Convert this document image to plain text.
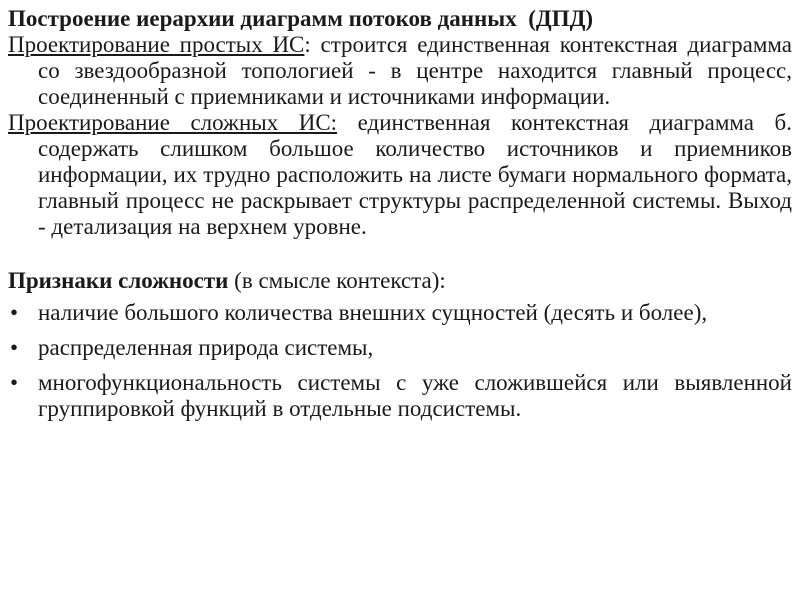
Построение иерархии диаграмм потоков данных  (ДПД)

Проектирование простых ИС: строится единственная контекстная диаграмма со звездообразной топологией - в центре находится главный процесс, соединенный с приемниками и источниками информации.

Проектирование сложных ИС: единственная контекстная диаграмма б. содержать слишком большое количество источников и приемников информации, их трудно расположить на листе бумаги нормального формата, главный процесс не раскрывает структуры распределенной системы. Выход - детализация на верхнем уровне.

Признаки сложности (в смысле контекста):

• наличие большого количества внешних сущностей (десять и более),
• распределенная природа системы,
• многофункциональность системы с уже сложившейся или выявленной группировкой функций в отдельные подсистемы.
